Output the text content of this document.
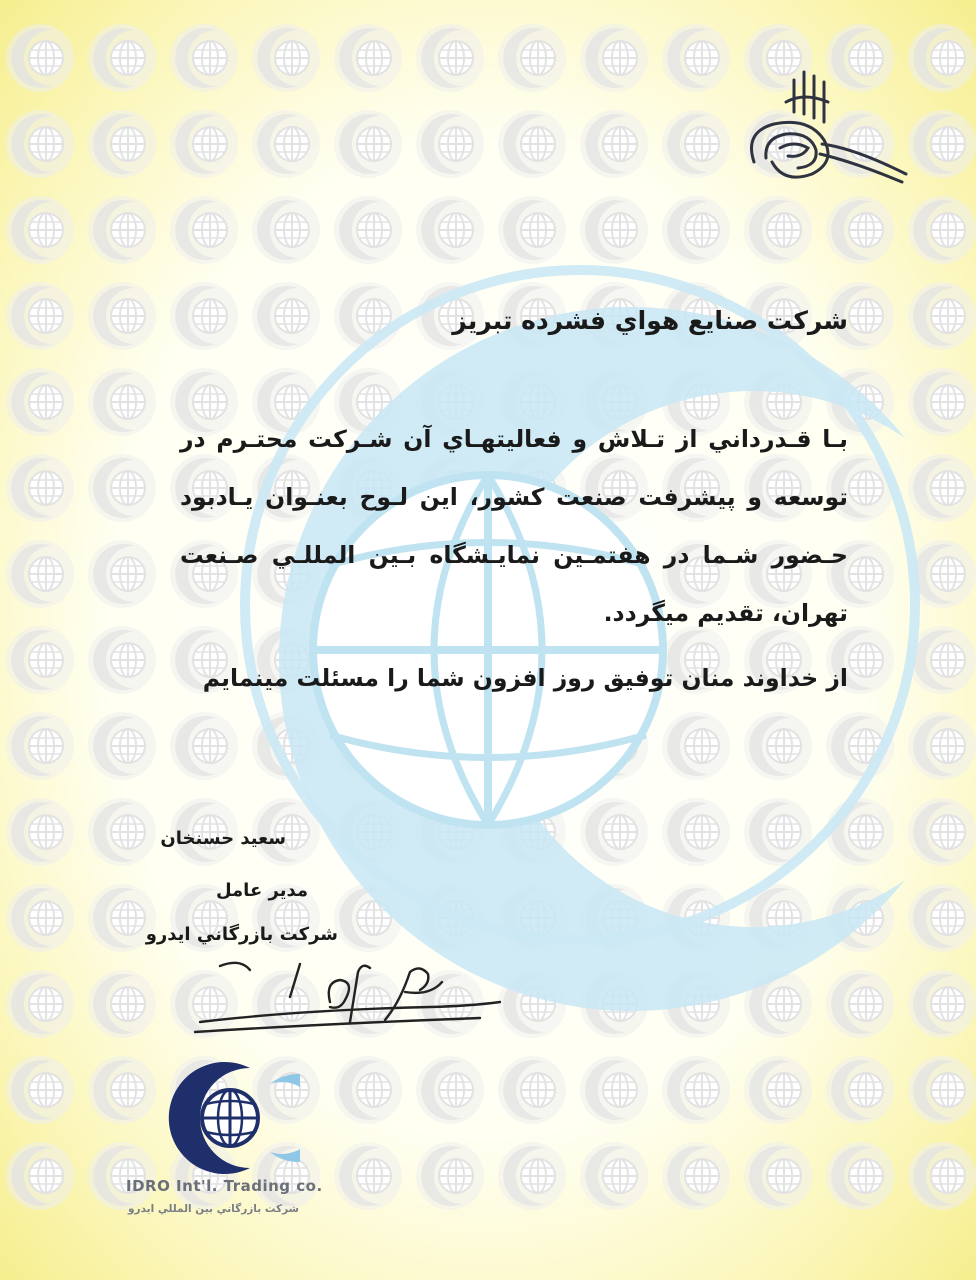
شركت صنايع هواي فشرده تبريز
بـا قـدرداني از تـلاش و فعاليتهـاي آن شـركت محتـرم در توسعه و پيشرفت صنعت كشور، اين لـوح بعنـوان يـادبود حـضور شـما در هفتمـين نمايـشگاه بـين المللـي صـنعت تهران، تقديم ميگردد.
از خداوند منان توفيق روز افزون شما را مسئلت مينمايم
سعيد حسنخان
مدير عامل
شركت بازرگاني ايدرو
IDRO Int'l. Trading co.
شركت بازرگاني بين المللي ايدرو
